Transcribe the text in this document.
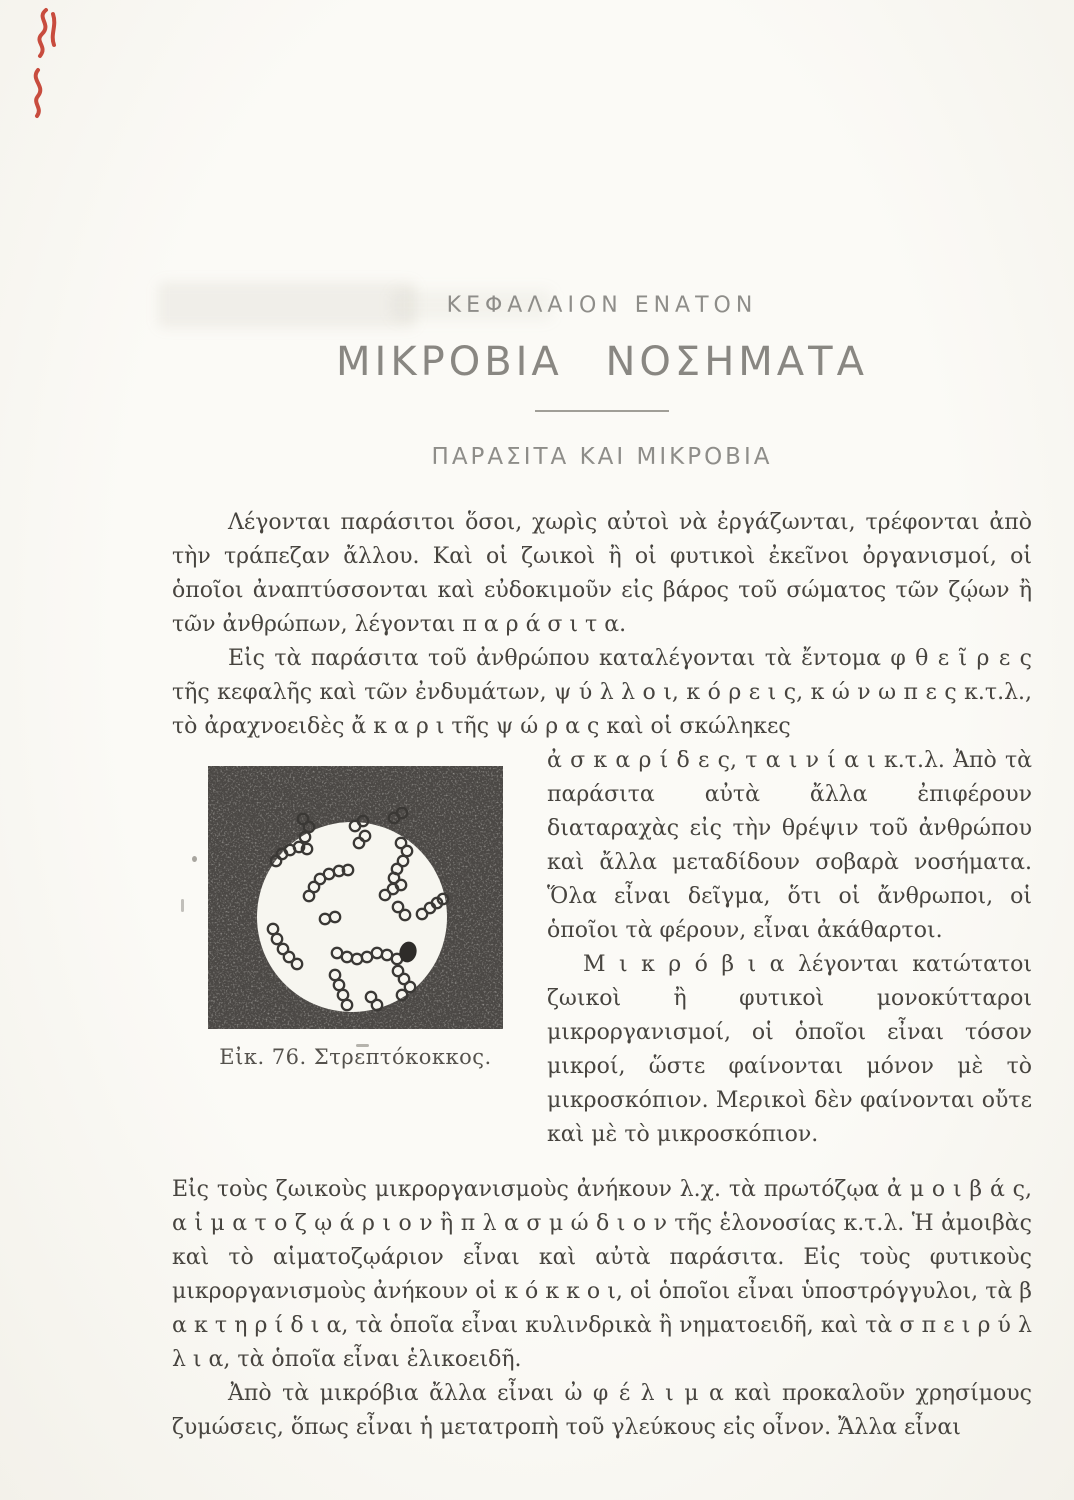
ΚΕΦΑΛΑΙΟΝ ΕΝΑΤΟΝ
ΜΙΚΡΟΒΙΑ ΝΟΣΗΜΑΤΑ
ΠΑΡΑΣΙΤΑ ΚΑΙ ΜΙΚΡΟΒΙΑ

Λέγονται παράσιτοι ὅσοι, χωρὶς αὐτοὶ νὰ ἐργάζωνται, τρέφονται ἀπὸ τὴν τράπεζαν ἄλλου. Καὶ οἱ ζωικοὶ ἢ οἱ φυτικοὶ ἐκεῖνοι ὀργανισμοί, οἱ ὁποῖοι ἀναπτύσσονται καὶ εὐδοκιμοῦν εἰς βάρος τοῦ σώματος τῶν ζῴων ἢ τῶν ἀνθρώπων, λέγονται π α ρ ά σ ι τ α.

Εἰς τὰ παράσιτα τοῦ ἀνθρώπου καταλέγονται τὰ ἔντομα φ θ ε ῖ ρ ε ς τῆς κεφαλῆς καὶ τῶν ἐνδυμάτων, ψ ύ λ λ ο ι, κ ό ρ ε ι ς, κ ώ ν ω π ε ς κ.τ.λ., τὸ ἀραχνοειδὲς ἄ κ α ρ ι τῆς ψ ώ ρ α ς καὶ οἱ σκώληκες

Εἰκ. 76. Στρεπτόκοκκος.

ἀ σ κ α ρ ί δ ε ς, τ α ι ν ί α ι κ.τ.λ. Ἀπὸ τὰ παράσιτα αὐτὰ ἄλλα ἐπιφέρουν διαταραχὰς εἰς τὴν θρέψιν τοῦ ἀνθρώπου καὶ ἄλλα μεταδίδουν σοβαρὰ νοσήματα. Ὅλα εἶναι δεῖγμα, ὅτι οἱ ἄνθρωποι, οἱ ὁποῖοι τὰ φέρουν, εἶναι ἀκάθαρτοι.

Μ ι κ ρ ό β ι α λέγονται κατώτατοι ζωικοὶ ἢ φυτικοὶ μονοκύτταροι μικροργανισμοί, οἱ ὁποῖοι εἶναι τόσον μικροί, ὥστε φαίνονται μόνον μὲ τὸ μικροσκόπιον. Μερικοὶ δὲν φαίνονται οὔτε καὶ μὲ τὸ μικροσκόπιον.

Εἰς τοὺς ζωικοὺς μικροργανισμοὺς ἀνήκουν λ.χ. τὰ πρωτόζῳα ἀ μ ο ι β ά ς, α ἱ μ α τ ο ζ ῳ ά ρ ι ο ν ἢ π λ α σ μ ώ δ ι ο ν τῆς ἑλονοσίας κ.τ.λ. Ἡ ἀμοιβὰς καὶ τὸ αἱματοζῳάριον εἶναι καὶ αὐτὰ παράσιτα. Εἰς τοὺς φυτικοὺς μικροργανισμοὺς ἀνήκουν οἱ κ ό κ κ ο ι, οἱ ὁποῖοι εἶναι ὑποστρόγγυλοι, τὰ β α κ τ η ρ ί δ ι α, τὰ ὁποῖα εἶναι κυλινδρικὰ ἢ νηματοειδῆ, καὶ τὰ σ π ε ι ρ ύ λ λ ι α, τὰ ὁποῖα εἶναι ἑλικοειδῆ.

Ἀπὸ τὰ μικρόβια ἄλλα εἶναι ὠ φ έ λ ι μ α καὶ προκαλοῦν χρησίμους ζυμώσεις, ὅπως εἶναι ἡ μετατροπὴ τοῦ γλεύκους εἰς οἶνον. Ἄλλα εἶναι
